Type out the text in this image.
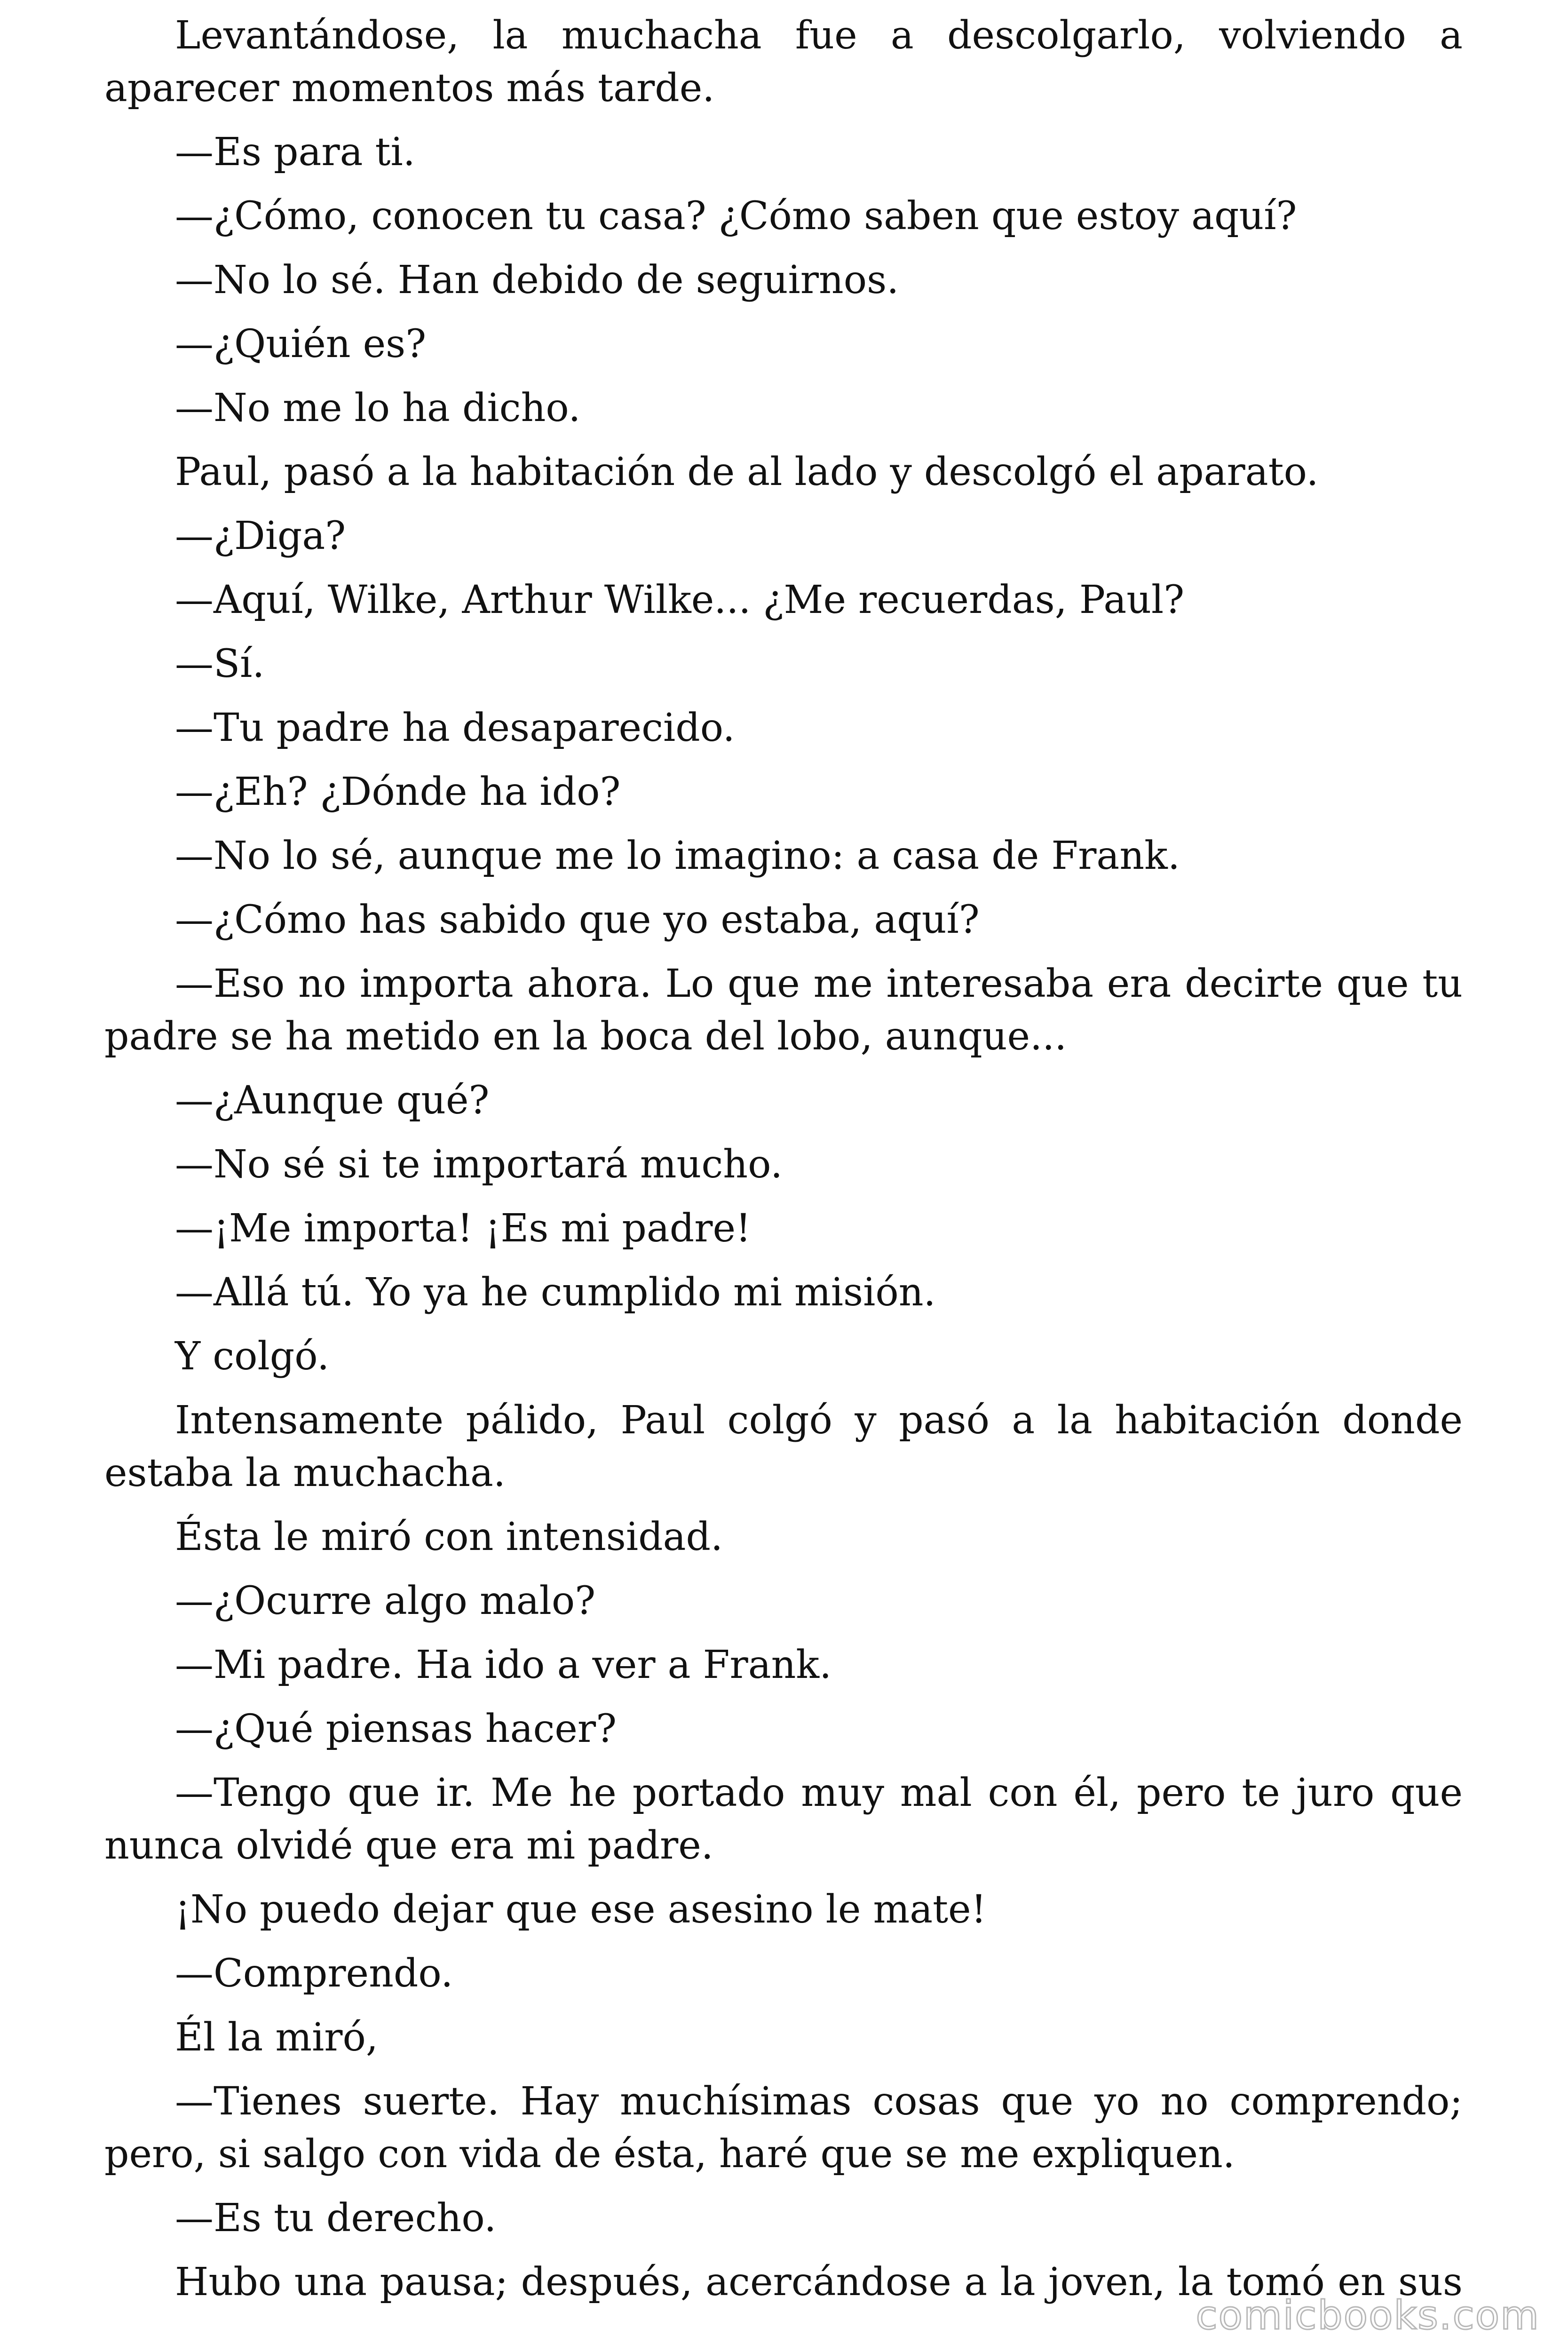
Levantándose, la muchacha fue a descolgarlo, volviendo a aparecer momentos más tarde.

—Es para ti.

—¿Cómo, conocen tu casa? ¿Cómo saben que estoy aquí?

—No lo sé. Han debido de seguirnos.

—¿Quién es?

—No me lo ha dicho.

Paul, pasó a la habitación de al lado y descolgó el aparato.

—¿Diga?

—Aquí, Wilke, Arthur Wilke... ¿Me recuerdas, Paul?

—Sí.

—Tu padre ha desaparecido.

—¿Eh? ¿Dónde ha ido?

—No lo sé, aunque me lo imagino: a casa de Frank.

—¿Cómo has sabido que yo estaba, aquí?

—Eso no importa ahora. Lo que me interesaba era decirte que tu padre se ha metido en la boca del lobo, aunque...

—¿Aunque qué?

—No sé si te importará mucho.

—¡Me importa! ¡Es mi padre!

—Allá tú. Yo ya he cumplido mi misión.

Y colgó.

Intensamente pálido, Paul colgó y pasó a la habitación donde estaba la muchacha.

Ésta le miró con intensidad.

—¿Ocurre algo malo?

—Mi padre. Ha ido a ver a Frank.

—¿Qué piensas hacer?

—Tengo que ir. Me he portado muy mal con él, pero te juro que nunca olvidé que era mi padre.

¡No puedo dejar que ese asesino le mate!

—Comprendo.

Él la miró,

—Tienes suerte. Hay muchísimas cosas que yo no comprendo; pero, si salgo con vida de ésta, haré que se me expliquen.

—Es tu derecho.

Hubo una pausa; después, acercándose a la joven, la tomó en sus

comicbooks.com
